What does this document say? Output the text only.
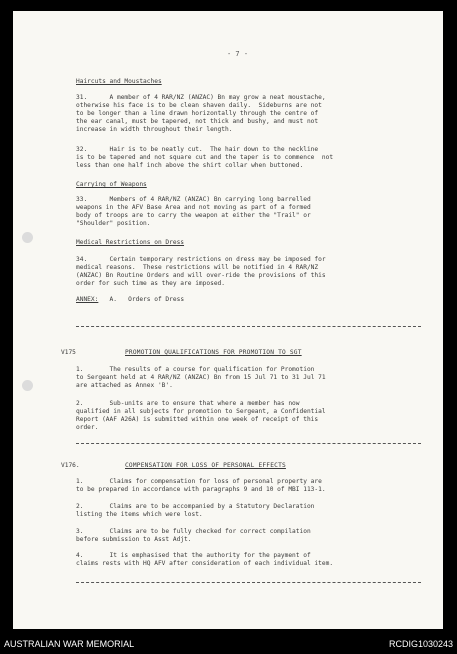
- 7 -
Haircuts and Moustaches
31.      A member of 4 RAR/NZ (ANZAC) Bn may grow a neat moustache,
otherwise his face is to be clean shaven daily.  Sideburns are not
to be longer than a line drawn horizontally through the centre of
the ear canal, must be tapered, not thick and bushy, and must not
increase in width throughout their length.
32.      Hair is to be neatly cut.  The hair down to the neckline
is to be tapered and not square cut and the taper is to commence  not
less than one half inch above the shirt collar when buttoned.
Carrying of Weapons
33.      Members of 4 RAR/NZ (ANZAC) Bn carrying long barrelled
weapons in the AFV Base Area and not moving as part of a formed
body of troops are to carry the weapon at either the "Trail" or
"Shoulder" position.
Medical Restrictions on Dress
34.      Certain temporary restrictions on dress may be imposed for
medical reasons.  These restrictions will be notified in 4 RAR/NZ
(ANZAC) Bn Routine Orders and will over-ride the provisions of this
order for such time as they are imposed.
ANNEX:   A.   Orders of Dress
V175	PROMOTION QUALIFICATIONS FOR PROMOTION TO SGT
1.       The results of a course for qualification for Promotion
to Sergeant held at 4 RAR/NZ (ANZAC) Bn from 15 Jul 71 to 31 Jul 71
are attached as Annex 'B'.
2.       Sub-units are to ensure that where a member has now
qualified in all subjects for promotion to Sergeant, a Confidential
Report (AAF A26A) is submitted within one week of receipt of this
order.
V176.	COMPENSATION FOR LOSS OF PERSONAL EFFECTS
1.       Claims for compensation for loss of personal property are
to be prepared in accordance with paragraphs 9 and 10 of MBI 113-1.
2.       Claims are to be accompanied by a Statutory Declaration
listing the items which were lost.
3.       Claims are to be fully checked for correct compilation
before submission to Asst Adjt.
4.       It is emphasised that the authority for the payment of
claims rests with HQ AFV after consideration of each individual item.
AUSTRALIAN WAR MEMORIAL	RCDIG1030243
